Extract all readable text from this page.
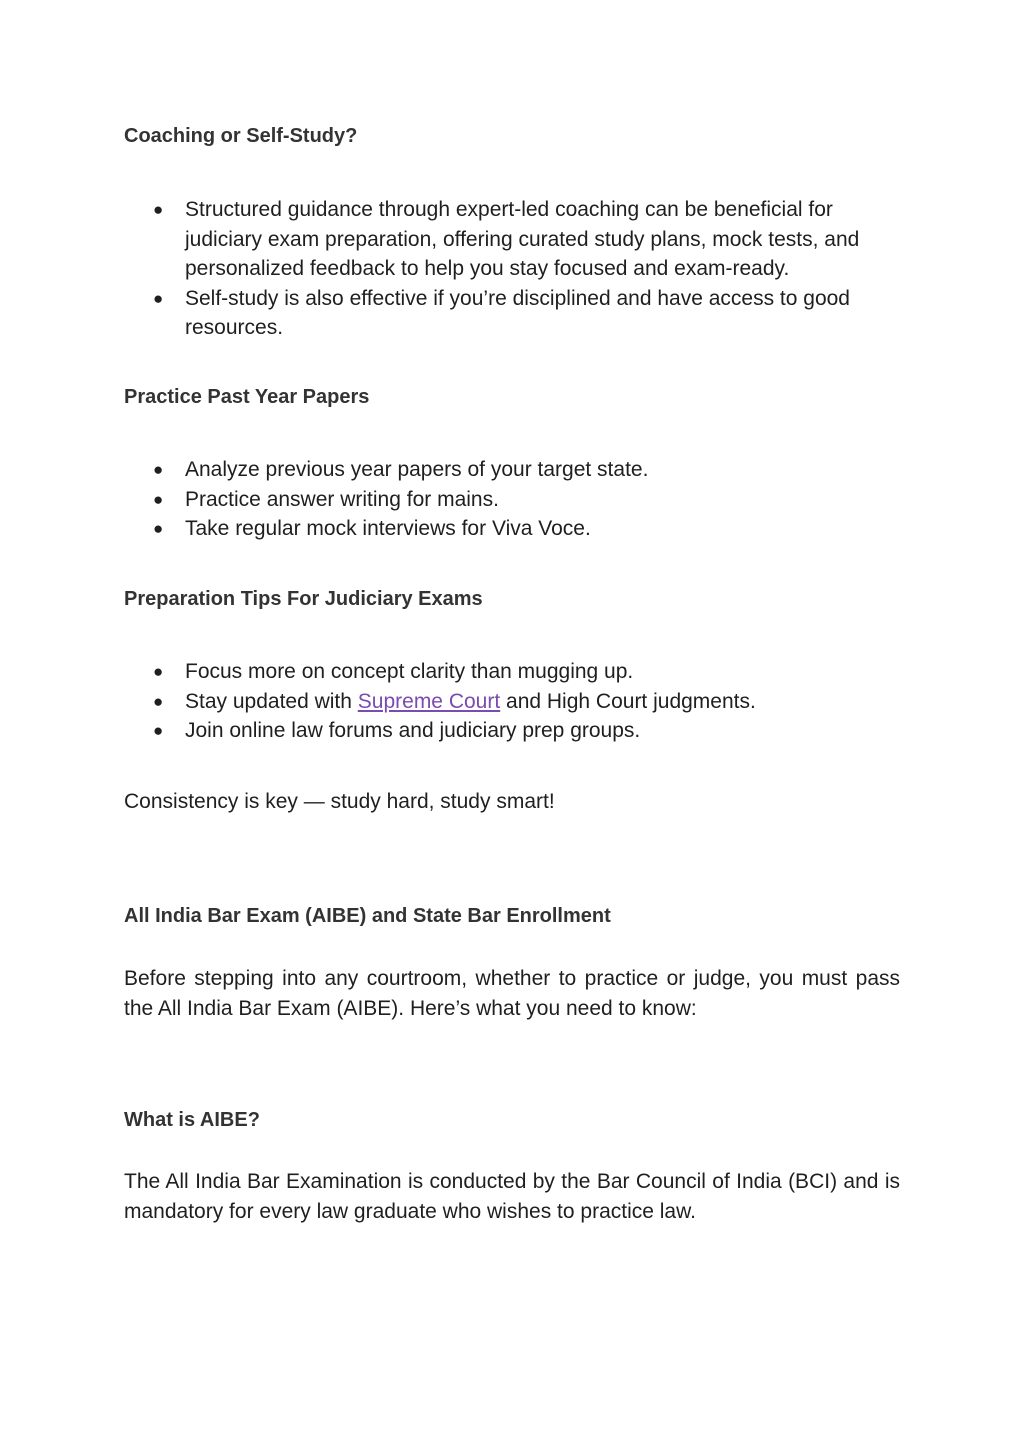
Coaching or Self-Study?
● Structured guidance through expert-led coaching can be beneficial for judiciary exam preparation, offering curated study plans, mock tests, and personalized feedback to help you stay focused and exam-ready.
● Self-study is also effective if you’re disciplined and have access to good resources.
Practice Past Year Papers
● Analyze previous year papers of your target state.
● Practice answer writing for mains.
● Take regular mock interviews for Viva Voce.
Preparation Tips For Judiciary Exams
● Focus more on concept clarity than mugging up.
● Stay updated with Supreme Court and High Court judgments.
● Join online law forums and judiciary prep groups.
Consistency is key — study hard, study smart!
All India Bar Exam (AIBE) and State Bar Enrollment
Before stepping into any courtroom, whether to practice or judge, you must pass the All India Bar Exam (AIBE). Here’s what you need to know:
What is AIBE?
The All India Bar Examination is conducted by the Bar Council of India (BCI) and is mandatory for every law graduate who wishes to practice law.
